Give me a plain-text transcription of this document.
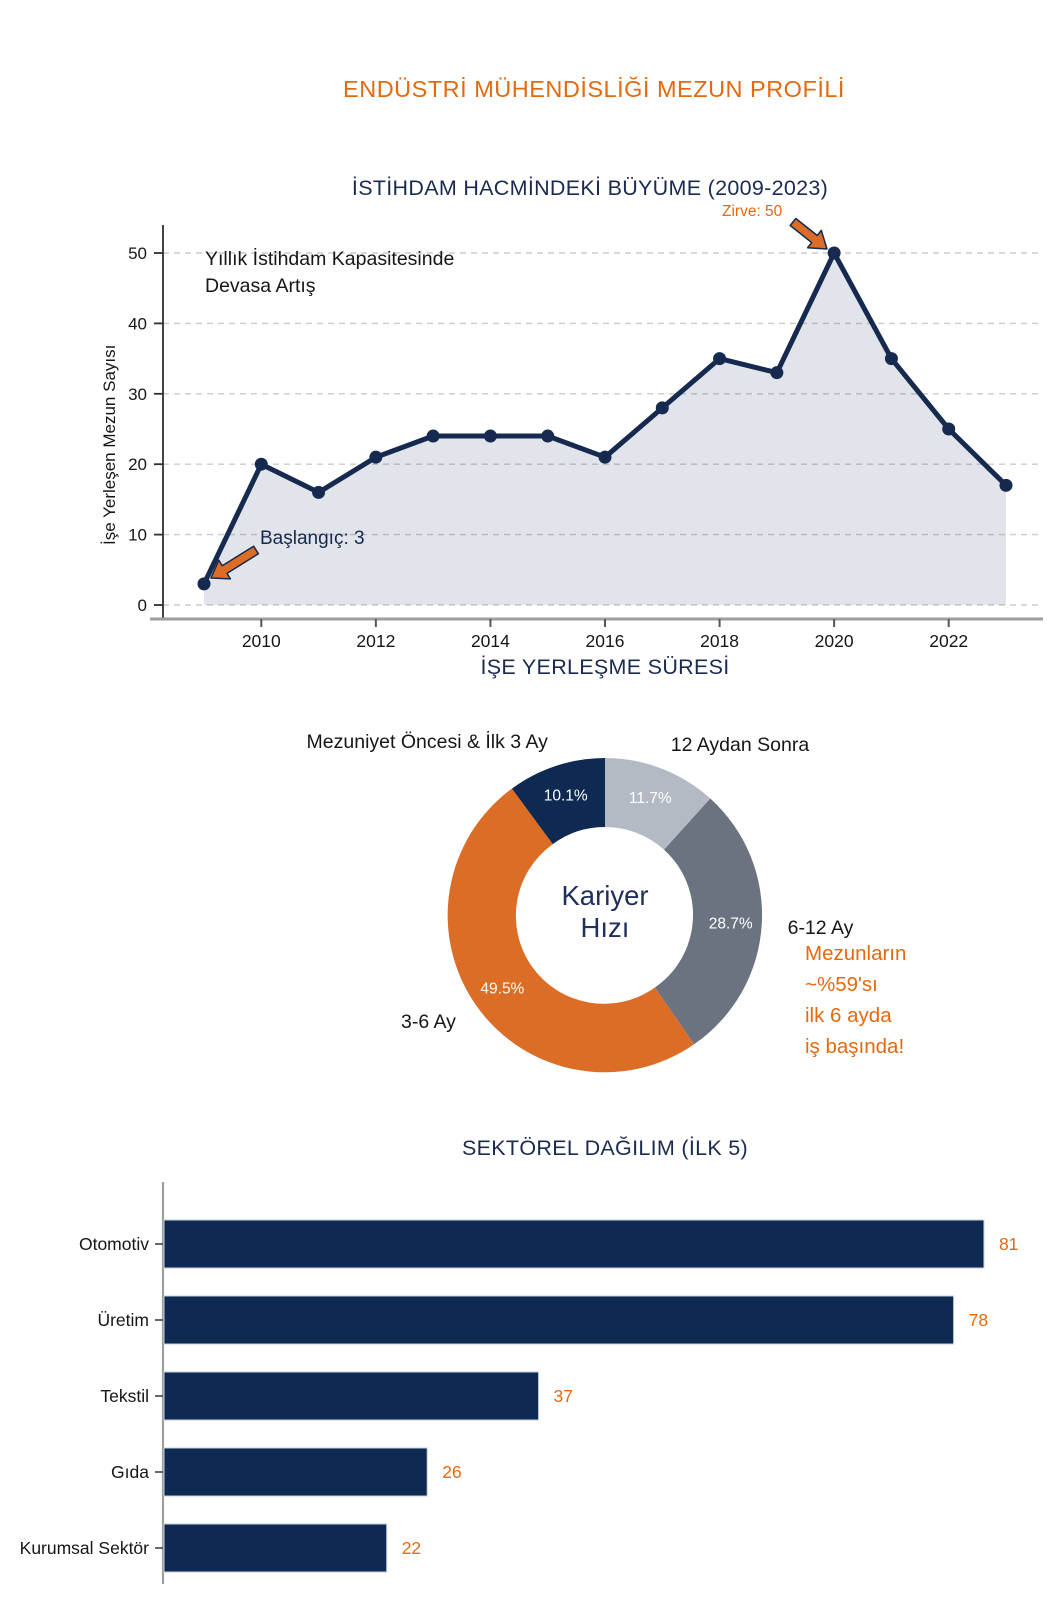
ENDÜSTRİ MÜHENDİSLİĞİ MEZUN PROFİLİ
İSTİHDAM HACMİNDEKİ BÜYÜME (2009-2023)
0
10
20
30
40
50
2010	2012	2014	2016	2018	2020	2022
Yıllık İstihdam Kapasitesinde
Devasa Artış
Başlangıç: 3
Zirve: 50
İşe Yerleşen Mezun Sayısı
İŞE YERLEŞME SÜRESİ
11.7%
12 Aydan Sonra
28.7% 6-12 Ay
49.5%
3-6 Ay
10.1%
Mezuniyet Öncesi & İlk 3 Ay
Kariyer
Hızı
Mezunların
~%59'sı
ilk 6 ayda
iş başında!
SEKTÖREL DAĞILIM (İLK 5)
Otomotiv	81
Üretim	78
Tekstil	37
Gıda	26
Kurumsal Sektör	22
